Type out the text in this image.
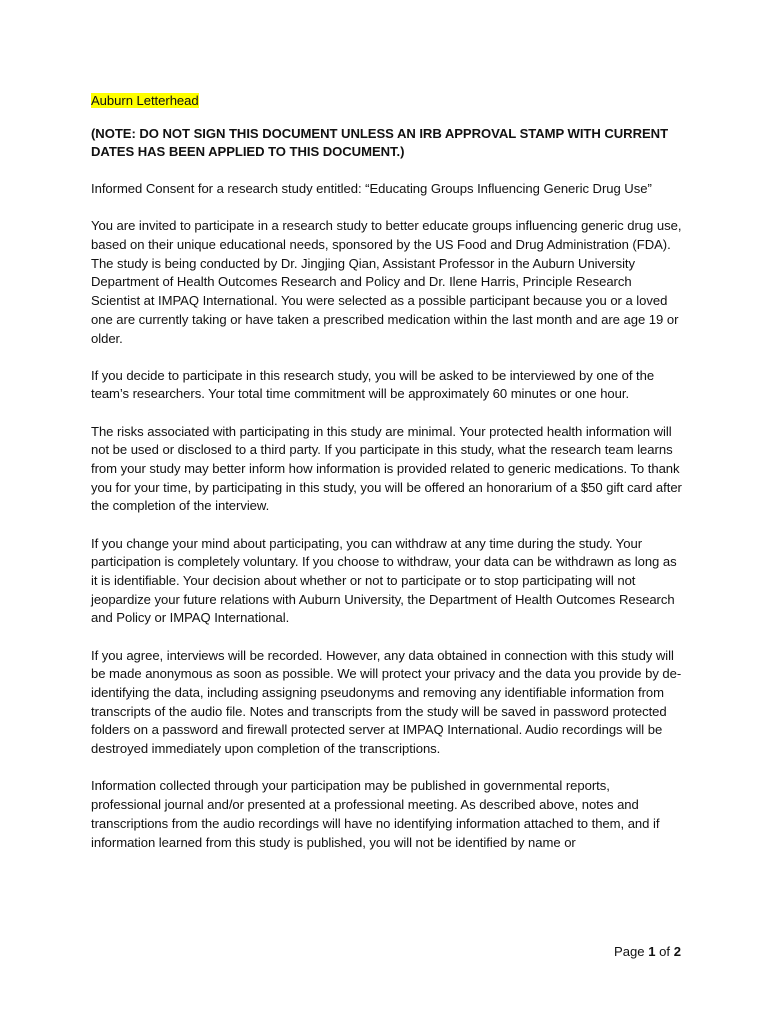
Auburn Letterhead

(NOTE: DO NOT SIGN THIS DOCUMENT UNLESS AN IRB APPROVAL STAMP WITH CURRENT DATES HAS BEEN APPLIED TO THIS DOCUMENT.)

Informed Consent for a research study entitled: “Educating Groups Influencing Generic Drug Use”

You are invited to participate in a research study to better educate groups influencing generic drug use, based on their unique educational needs, sponsored by the US Food and Drug Administration (FDA). The study is being conducted by Dr. Jingjing Qian, Assistant Professor in the Auburn University Department of Health Outcomes Research and Policy and Dr. Ilene Harris, Principle Research Scientist at IMPAQ International. You were selected as a possible participant because you or a loved one are currently taking or have taken a prescribed medication within the last month and are age 19 or older.

If you decide to participate in this research study, you will be asked to be interviewed by one of the team’s researchers. Your total time commitment will be approximately 60 minutes or one hour.

The risks associated with participating in this study are minimal. Your protected health information will not be used or disclosed to a third party. If you participate in this study, what the research team learns from your study may better inform how information is provided related to generic medications. To thank you for your time, by participating in this study, you will be offered an honorarium of a $50 gift card after the completion of the interview.

If you change your mind about participating, you can withdraw at any time during the study. Your participation is completely voluntary. If you choose to withdraw, your data can be withdrawn as long as it is identifiable. Your decision about whether or not to participate or to stop participating will not jeopardize your future relations with Auburn University, the Department of Health Outcomes Research and Policy or IMPAQ International.

If you agree, interviews will be recorded. However, any data obtained in connection with this study will be made anonymous as soon as possible. We will protect your privacy and the data you provide by de-identifying the data, including assigning pseudonyms and removing any identifiable information from transcripts of the audio file. Notes and transcripts from the study will be saved in password protected folders on a password and firewall protected server at IMPAQ International. Audio recordings will be destroyed immediately upon completion of the transcriptions.

Information collected through your participation may be published in governmental reports, professional journal and/or presented at a professional meeting. As described above, notes and transcriptions from the audio recordings will have no identifying information attached to them, and if information learned from this study is published, you will not be identified by name or

Page 1 of 2
